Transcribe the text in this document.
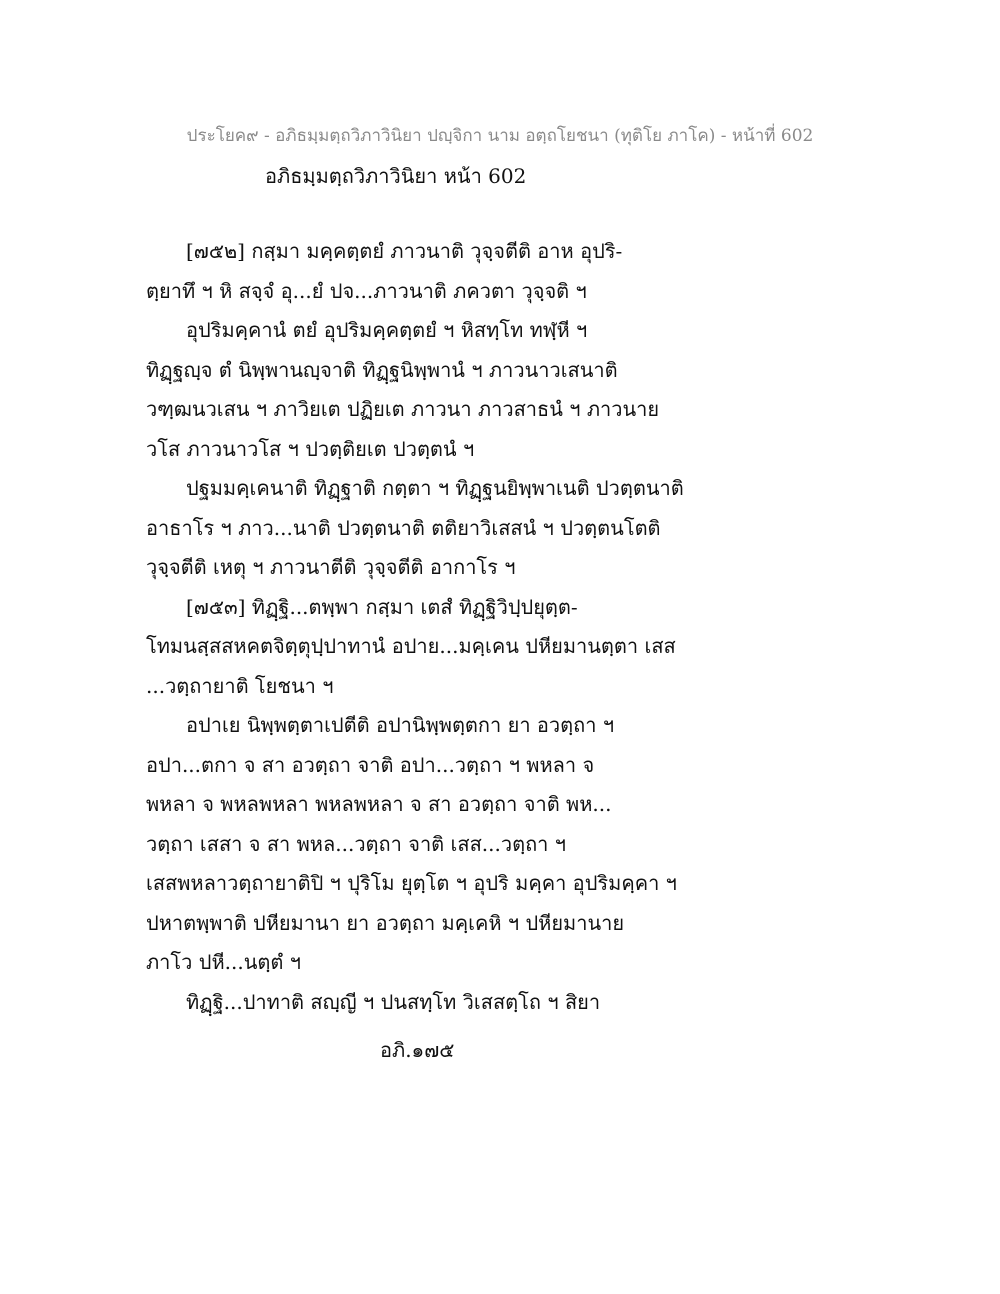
ประโยค๙ - อภิธมฺมตฺถวิภาวินิยา ปญฺจิกา นาม อตฺถโยชนา (ทุติโย ภาโค) - หน้าที่ 602
อภิธมฺมตฺถวิภาวินิยา หน้า 602
[๗๕๒] กสฺมา มคฺคตฺตยํ ภาวนาติ วุจฺจตีติ อาห อุปริ-
ตฺยาทึ ฯ หิ สจฺจํ อุ...ยํ ปจ...ภาวนาติ ภควตา วุจฺจติ ฯ
อุปริมคฺคานํ ตยํ อุปริมคฺคตฺตยํ ฯ หิสทฺโท ทฬฺหี ฯ
ทิฏฺฐญฺจ ตํ นิพฺพานญฺจาติ ทิฏฺฐนิพฺพานํ ฯ ภาวนาวเสนาติ
วฑฺฒนวเสน ฯ ภาวิยเต ปฏิยเต ภาวนา ภาวสาธนํ ฯ ภาวนาย
วโส ภาวนาวโส ฯ ปวตฺติยเต ปวตฺตนํ ฯ
ปฐมมคฺเคนาติ ทิฏฺฐาติ กตฺตา ฯ ทิฏฺฐนยิพฺพาเนติ ปวตฺตนาติ
อาธาโร ฯ ภาว...นาติ ปวตฺตนาติ ตติยาวิเสสนํ ฯ ปวตฺตนโตติ
วุจฺจตีติ เหตุ ฯ ภาวนาตีติ วุจฺจตีติ อากาโร ฯ
[๗๕๓] ทิฏฺฐิ...ตพฺพา กสฺมา เตสํ ทิฏฺฐิวิปฺปยุตฺต-
โทมนสฺสสหคตจิตฺตุปฺปาทานํ อปาย...มคฺเคน ปหียมานตฺตา เสส
...วตฺถายาติ โยชนา ฯ
อปาเย นิพฺพตฺตาเปตีติ อปานิพฺพตฺตกา ยา อวตฺถา ฯ
อปา...ตกา จ สา อวตฺถา จาติ อปา...วตฺถา ฯ พหลา จ
พหลา จ พหลพหลา พหลพหลา จ สา อวตฺถา จาติ พห...
วตฺถา เสสา จ สา พหล...วตฺถา จาติ เสส...วตฺถา ฯ
เสสพหลาวตฺถายาติปิ ฯ ปุริโม ยุตฺโต ฯ อุปริ มคฺคา อุปริมคฺคา ฯ
ปหาตพฺพาติ ปหียมานา ยา อวตฺถา มคฺเคหิ ฯ ปหียมานาย
ภาโว ปหี...นตฺตํ ฯ
ทิฏฺฐิ...ปาทาติ สญฺญี ฯ ปนสทฺโท วิเสสตฺโถ ฯ สิยา
อภิ.๑๗๕
